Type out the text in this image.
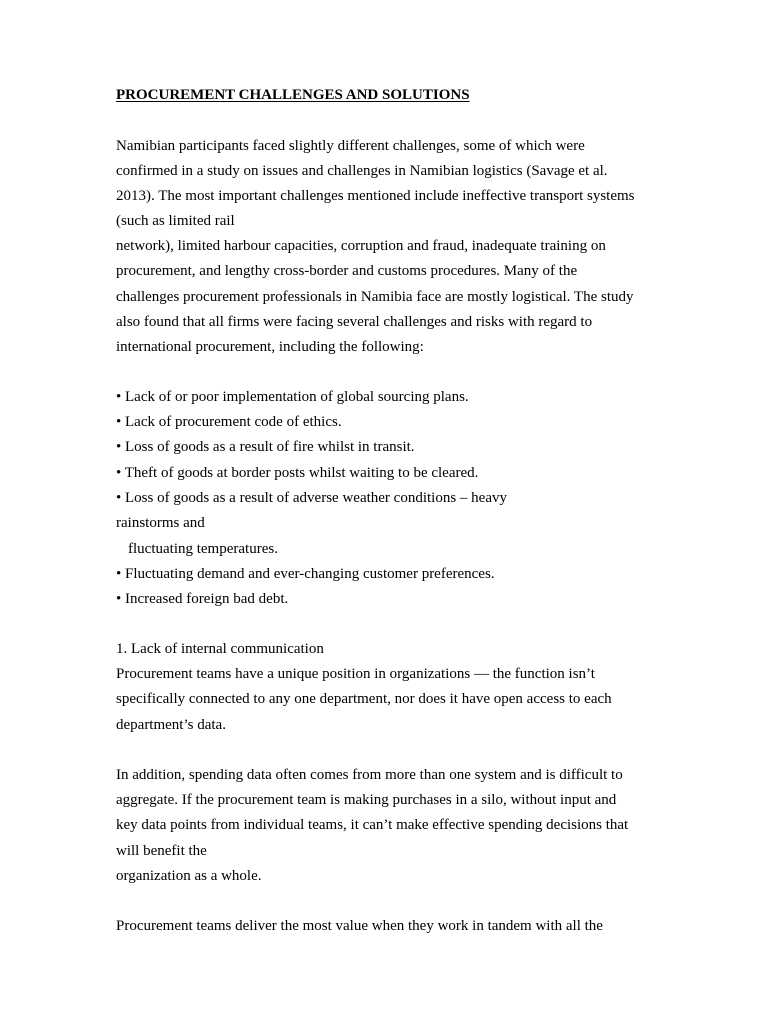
PROCUREMENT CHALLENGES AND SOLUTIONS
Namibian participants faced slightly different challenges, some of which were
confirmed in a study on issues and challenges in Namibian logistics (Savage et al.
2013). The most important challenges mentioned include ineffective transport systems
(such as limited rail
network), limited harbour capacities, corruption and fraud, inadequate training on
procurement, and lengthy cross-border and customs procedures. Many of the
challenges procurement professionals in Namibia face are mostly logistical. The study
also found that all firms were facing several challenges and risks with regard to
international procurement, including the following:
• Lack of or poor implementation of global sourcing plans.
• Lack of procurement code of ethics.
• Loss of goods as a result of fire whilst in transit.
• Theft of goods at border posts whilst waiting to be cleared.
• Loss of goods as a result of adverse weather conditions – heavy
rainstorms and
fluctuating temperatures.
• Fluctuating demand and ever-changing customer preferences.
• Increased foreign bad debt.
1. Lack of internal communication
Procurement teams have a unique position in organizations — the function isn’t
specifically connected to any one department, nor does it have open access to each
department’s data.
In addition, spending data often comes from more than one system and is difficult to
aggregate. If the procurement team is making purchases in a silo, without input and
key data points from individual teams, it can’t make effective spending decisions that
will benefit the
organization as a whole.
Procurement teams deliver the most value when they work in tandem with all the
